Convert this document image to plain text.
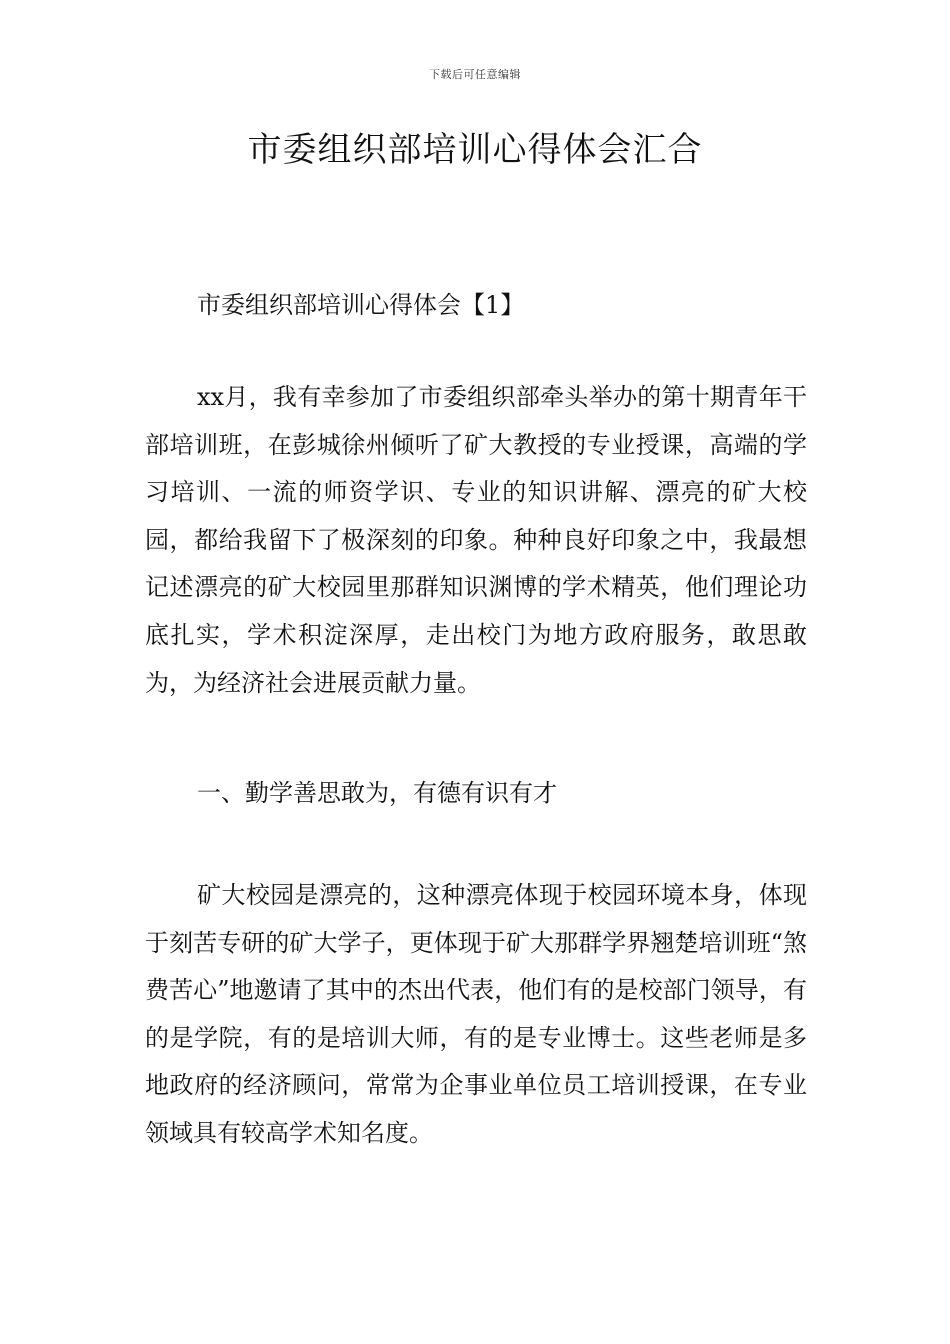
下载后可任意编辑
市委组织部培训心得体会汇合

市委组织部培训心得体会【1】

xx月，我有幸参加了市委组织部牵头举办的第十期青年干部培训班，在彭城徐州倾听了矿大教授的专业授课，高端的学习培训、一流的师资学识、专业的知识讲解、漂亮的矿大校园，都给我留下了极深刻的印象。种种良好印象之中，我最想记述漂亮的矿大校园里那群知识渊博的学术精英，他们理论功底扎实，学术积淀深厚，走出校门为地方政府服务，敢思敢为，为经济社会进展贡献力量。

一、勤学善思敢为，有德有识有才

矿大校园是漂亮的，这种漂亮体现于校园环境本身，体现于刻苦专研的矿大学子，更体现于矿大那群学界翘楚培训班“煞费苦心”地邀请了其中的杰出代表，他们有的是校部门领导，有的是学院，有的是培训大师，有的是专业博士。这些老师是多地政府的经济顾问，常常为企事业单位员工培训授课，在专业领域具有较高学术知名度。
